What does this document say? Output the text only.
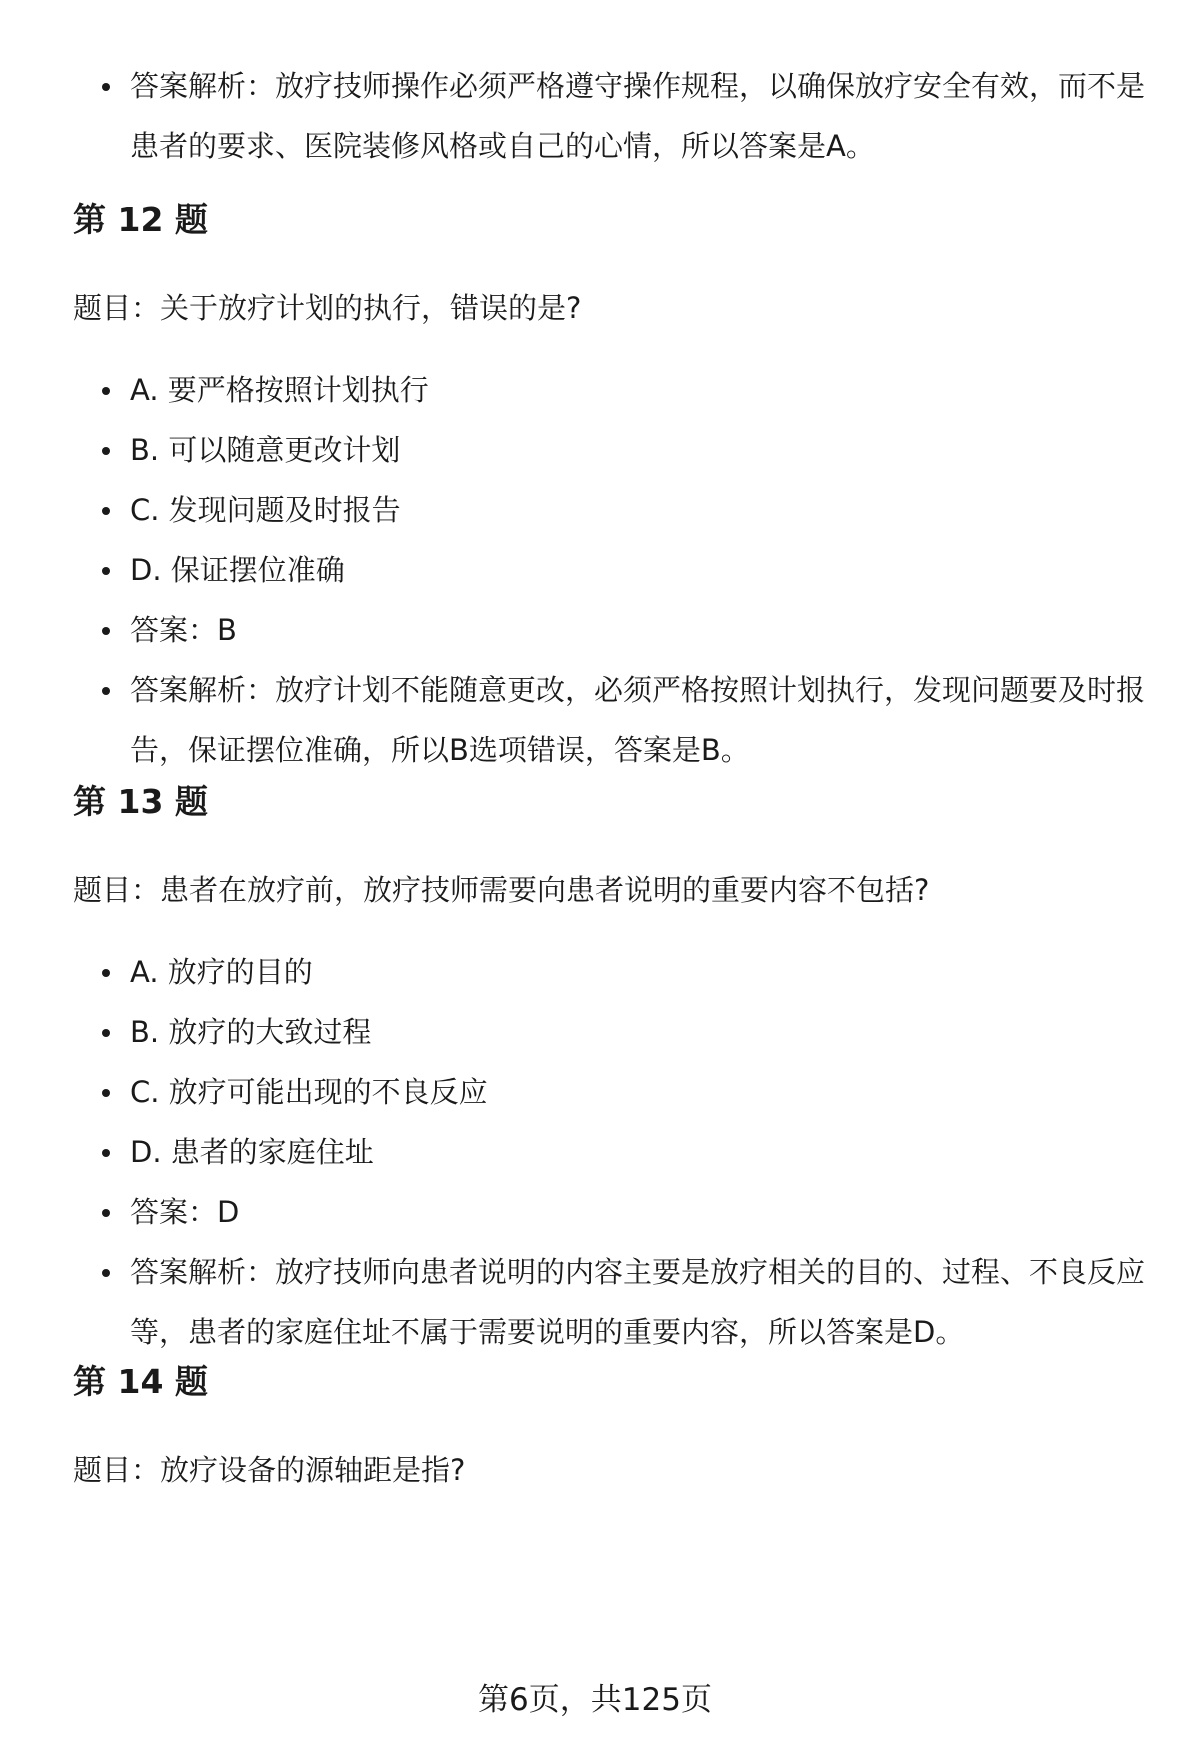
答案解析：放疗技师操作必须严格遵守操作规程，以确保放疗安全有效，而不是患者的要求、医院装修风格或自己的心情，所以答案是A。
第 12 题

题目：关于放疗计划的执行，错误的是?

A. 要严格按照计划执行
B. 可以随意更改计划
C. 发现问题及时报告
D. 保证摆位准确
答案：B
答案解析：放疗计划不能随意更改，必须严格按照计划执行，发现问题要及时报告，保证摆位准确，所以B选项错误，答案是B。
第 13 题

题目：患者在放疗前，放疗技师需要向患者说明的重要内容不包括?

A. 放疗的目的
B. 放疗的大致过程
C. 放疗可能出现的不良反应
D. 患者的家庭住址
答案：D
答案解析：放疗技师向患者说明的内容主要是放疗相关的目的、过程、不良反应等，患者的家庭住址不属于需要说明的重要内容，所以答案是D。
第 14 题

题目：放疗设备的源轴距是指?

第6页，共125页
